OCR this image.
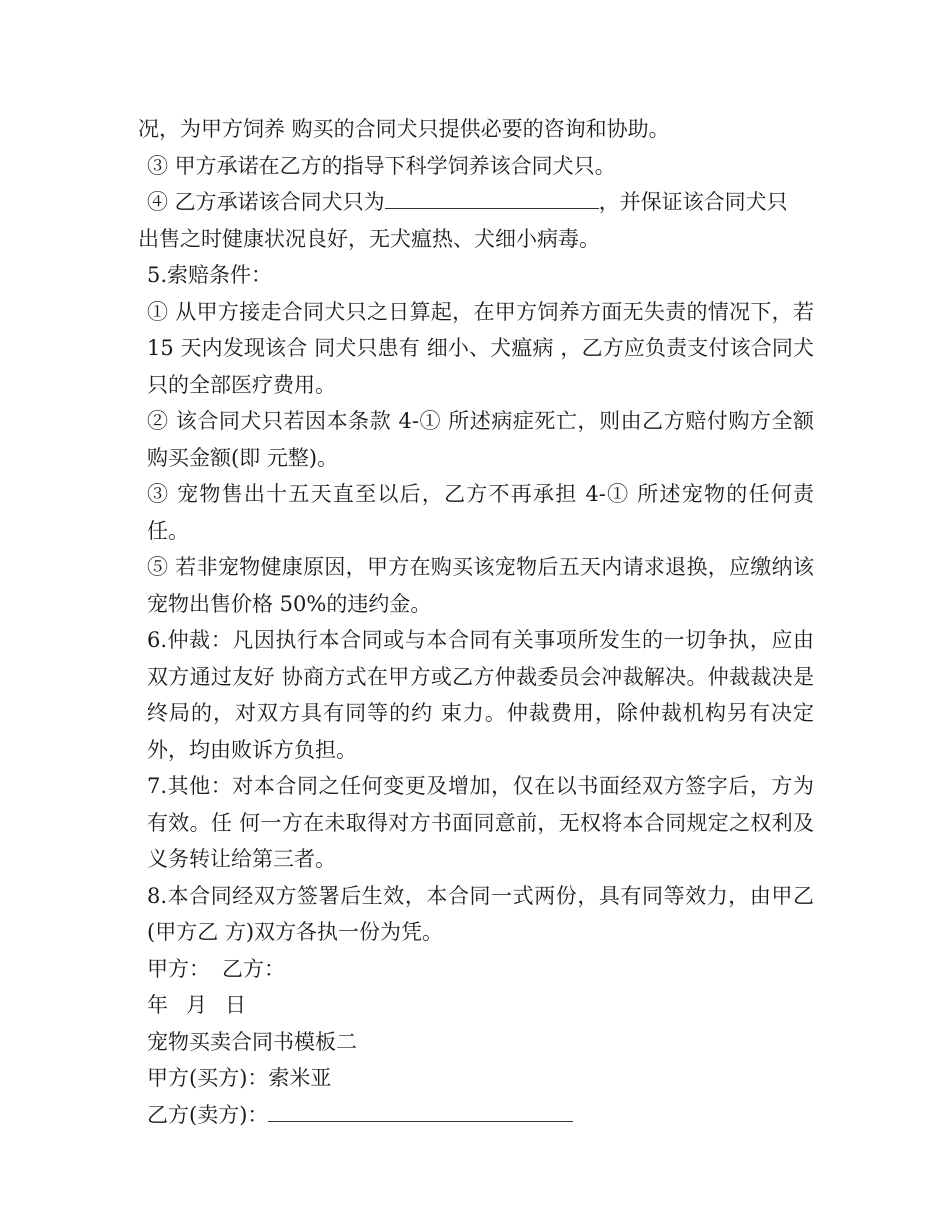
况，为甲方饲养 购买的合同犬只提供必要的咨询和协助。

③ 甲方承诺在乙方的指导下科学饲养该合同犬只。

④ 乙方承诺该合同犬只为	，并保证该合同犬只

出售之时健康状况良好，无犬瘟热、犬细小病毒。

5.索赔条件：

① 从甲方接走合同犬只之日算起，在甲方饲养方面无失责的情况下，若 15 天内发现该合 同犬只患有 细小、犬瘟病 ，乙方应负责支付该合同犬只的全部医疗费用。

② 该合同犬只若因本条款 4-① 所述病症死亡，则由乙方赔付购方全额购买金额(即 元整)。

③ 宠物售出十五天直至以后，乙方不再承担 4-① 所述宠物的任何责任。

⑤ 若非宠物健康原因，甲方在购买该宠物后五天内请求退换，应缴纳该宠物出售价格 50%的违约金。

6.仲裁：凡因执行本合同或与本合同有关事项所发生的一切争执，应由双方通过友好 协商方式在甲方或乙方仲裁委员会冲裁解决。仲裁裁决是终局的，对双方具有同等的约 束力。仲裁费用，除仲裁机构另有决定外，均由败诉方负担。

7.其他：对本合同之任何变更及增加，仅在以书面经双方签字后，方为有效。任 何一方在未取得对方书面同意前，无权将本合同规定之权利及义务转让给第三者。

8.本合同经双方签署后生效，本合同一式两份，具有同等效力，由甲乙(甲方乙 方)双方各执一份为凭。

甲方： 乙方：

年 月 日

宠物买卖合同书模板二

甲方(买方)：索米亚

乙方(卖方)：
